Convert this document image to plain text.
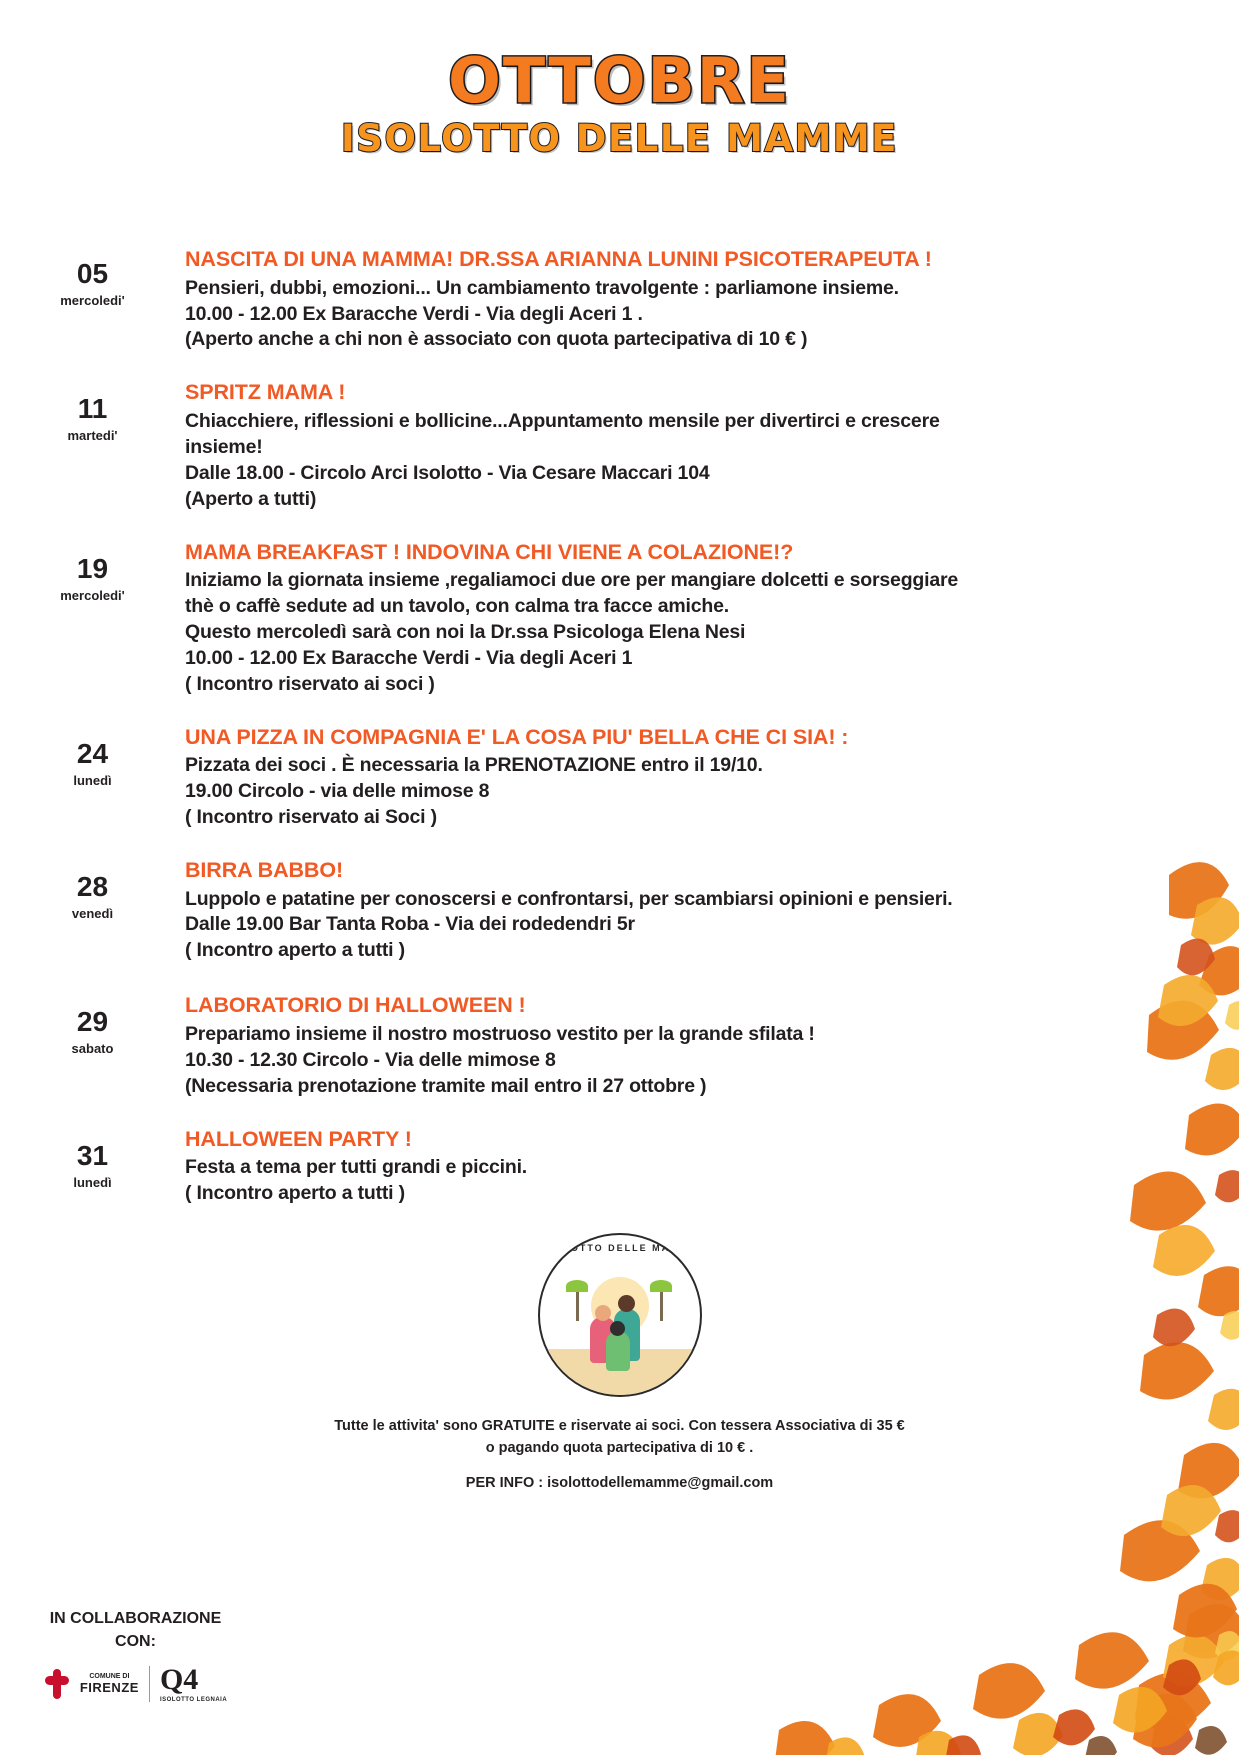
OTTOBRE
ISOLOTTO DELLE MAMME
05
mercoledi'
NASCITA DI UNA MAMMA! DR.SSA ARIANNA LUNINI PSICOTERAPEUTA !
Pensieri, dubbi, emozioni... Un cambiamento travolgente : parliamone insieme.
10.00 - 12.00 Ex Baracche Verdi - Via degli Aceri 1 .
(Aperto anche a chi non è associato con quota partecipativa di 10 € )
11
martedi'
SPRITZ MAMA !
Chiacchiere, riflessioni e bollicine...Appuntamento mensile per divertirci e crescere
insieme!
Dalle 18.00 - Circolo Arci Isolotto - Via Cesare Maccari 104
(Aperto a tutti)
19
mercoledi'
MAMA BREAKFAST ! INDOVINA CHI VIENE A COLAZIONE!?
Iniziamo la giornata insieme ,regaliamoci due ore per mangiare dolcetti e sorseggiare
thè o caffè sedute ad un tavolo, con calma tra facce amiche.
Questo mercoledì sarà con noi la Dr.ssa Psicologa Elena Nesi
10.00 - 12.00 Ex Baracche Verdi - Via degli Aceri 1
( Incontro riservato ai soci )
24
lunedì
UNA PIZZA IN COMPAGNIA E' LA COSA PIU' BELLA CHE CI SIA! :
Pizzata dei soci . È necessaria la PRENOTAZIONE entro il 19/10.
19.00 Circolo - via delle mimose 8
( Incontro riservato ai Soci )
28
venedì
BIRRA BABBO!
Luppolo e patatine per conoscersi e confrontarsi, per scambiarsi opinioni e pensieri.
Dalle 19.00 Bar Tanta Roba - Via dei rodedendri 5r
( Incontro aperto a tutti )
29
sabato
LABORATORIO DI HALLOWEEN !
Prepariamo insieme il nostro mostruoso vestito per la grande sfilata !
10.30 - 12.30 Circolo - Via delle mimose 8
(Necessaria prenotazione tramite mail entro il 27 ottobre )
31
lunedì
HALLOWEEN PARTY !
Festa a tema per tutti grandi e piccini.
( Incontro aperto a tutti )
ISOLOTTO DELLE MAMME
Tutte le attivita' sono GRATUITE e riservate ai soci. Con tessera Associativa di 35 €
o pagando quota partecipativa di 10 € .
PER INFO : isolottodellemamme@gmail.com
IN COLLABORAZIONE
CON:
COMUNE DI
FIRENZE Q4
ISOLOTTO LEGNAIA
